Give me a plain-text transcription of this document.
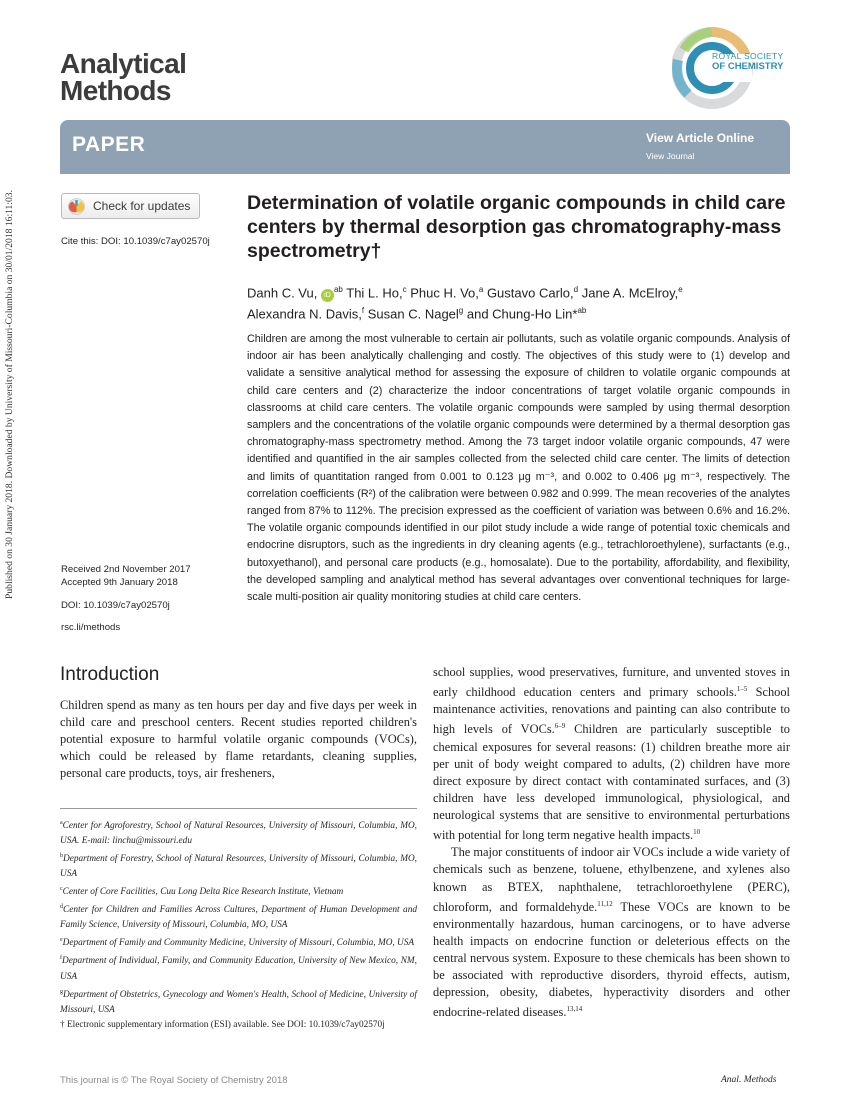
Published on 30 January 2018. Downloaded by University of Missouri-Columbia on 30/01/2018 16:11:03.
Analytical
Methods
ROYAL SOCIETY
OF CHEMISTRY
PAPER	View Article Online
View Journal
Check for updates
Cite this: DOI: 10.1039/c7ay02570j
Determination of volatile organic compounds in child care centers by thermal desorption gas chromatography-mass spectrometry†
Danh C. Vu, $iD^{ab}$ Thi L. Ho,$^c$ Phuc H. Vo,$^a$ Gustavo Carlo,$^d$ Jane A. McElroy,$^e$
Alexandra N. Davis,$^f$ Susan C. Nagel$^g$ and Chung-Ho Lin*$^{ab}$
Children are among the most vulnerable to certain air pollutants, such as volatile organic compounds. Analysis of indoor air has been analytically challenging and costly. The objectives of this study were to (1) develop and validate a sensitive analytical method for assessing the exposure of children to volatile organic compounds at child care centers and (2) characterize the indoor concentrations of target volatile organic compounds in classrooms at child care centers. The volatile organic compounds were sampled by using thermal desorption samplers and the concentrations of the volatile organic compounds were determined by a thermal desorption gas chromatography-mass spectrometry method. Among the 73 target indoor volatile organic compounds, 47 were identified and quantified in the air samples collected from the selected child care center. The limits of detection and limits of quantitation ranged from 0.001 to 0.123 μg m⁻³, and 0.002 to 0.406 μg m⁻³, respectively. The correlation coefficients (R²) of the calibration were between 0.982 and 0.999. The mean recoveries of the analytes ranged from 87% to 112%. The precision expressed as the coefficient of variation was between 0.6% and 16.2%. The volatile organic compounds identified in our pilot study include a wide range of potential toxic chemicals and endocrine disruptors, such as the ingredients in dry cleaning agents (e.g., tetrachloroethylene), surfactants (e.g., butoxyethanol), and personal care products (e.g., homosalate). Due to the portability, affordability, and flexibility, the developed sampling and analytical method has several advantages over conventional techniques for large-scale multi-position air quality monitoring studies at child care centers.
Received 2nd November 2017
Accepted 9th January 2018
DOI: 10.1039/c7ay02570j
rsc.li/methods
Introduction
Children spend as many as ten hours per day and five days per week in child care and preschool centers. Recent studies reported children's potential exposure to harmful volatile organic compounds (VOCs), which could be released by flame retardants, cleaning supplies, personal care products, toys, air fresheners,
school supplies, wood preservatives, furniture, and unvented stoves in early childhood education centers and primary schools.$^{1-5}$ School maintenance activities, renovations and painting can also contribute to high levels of VOCs.$^{6-9}$ Children are particularly susceptible to chemical exposures for several reasons: (1) children breathe more air per unit of body weight compared to adults, (2) children have more direct exposure by direct contact with contaminated surfaces, and (3) children have less developed immunological, physiological, and neurological systems that are sensitive to environmental perturbations with potential for long term negative health impacts.$^{10}$
The major constituents of indoor air VOCs include a wide variety of chemicals such as benzene, toluene, ethylbenzene, and xylenes also known as BTEX, naphthalene, tetrachloroethylene (PERC), chloroform, and formaldehyde.$^{11,12}$ These VOCs are known to be environmentally hazardous, human carcinogens, or to have adverse health impacts on endocrine function or deleterious effects on the central nervous system. Exposure to these chemicals has been shown to be associated with reproductive disorders, thyroid effects, autism, depression, obesity, diabetes, hyperactivity disorders and other endocrine-related diseases.$^{13,14}$

$^a$Center for Agroforestry, School of Natural Resources, University of Missouri, Columbia, MO, USA. E-mail: linchu@missouri.edu

$^b$Department of Forestry, School of Natural Resources, University of Missouri, Columbia, MO, USA

$^c$Center of Core Facilities, Cuu Long Delta Rice Research Institute, Vietnam

$^d$Center for Children and Families Across Cultures, Department of Human Development and Family Science, University of Missouri, Columbia, MO, USA

$^e$Department of Family and Community Medicine, University of Missouri, Columbia, MO, USA

$^f$Department of Individual, Family, and Community Education, University of New Mexico, NM, USA

$^g$Department of Obstetrics, Gynecology and Women's Health, School of Medicine, University of Missouri, USA

† Electronic supplementary information (ESI) available. See DOI: 10.1039/c7ay02570j

This journal is © The Royal Society of Chemistry 2018	Anal. Methods
